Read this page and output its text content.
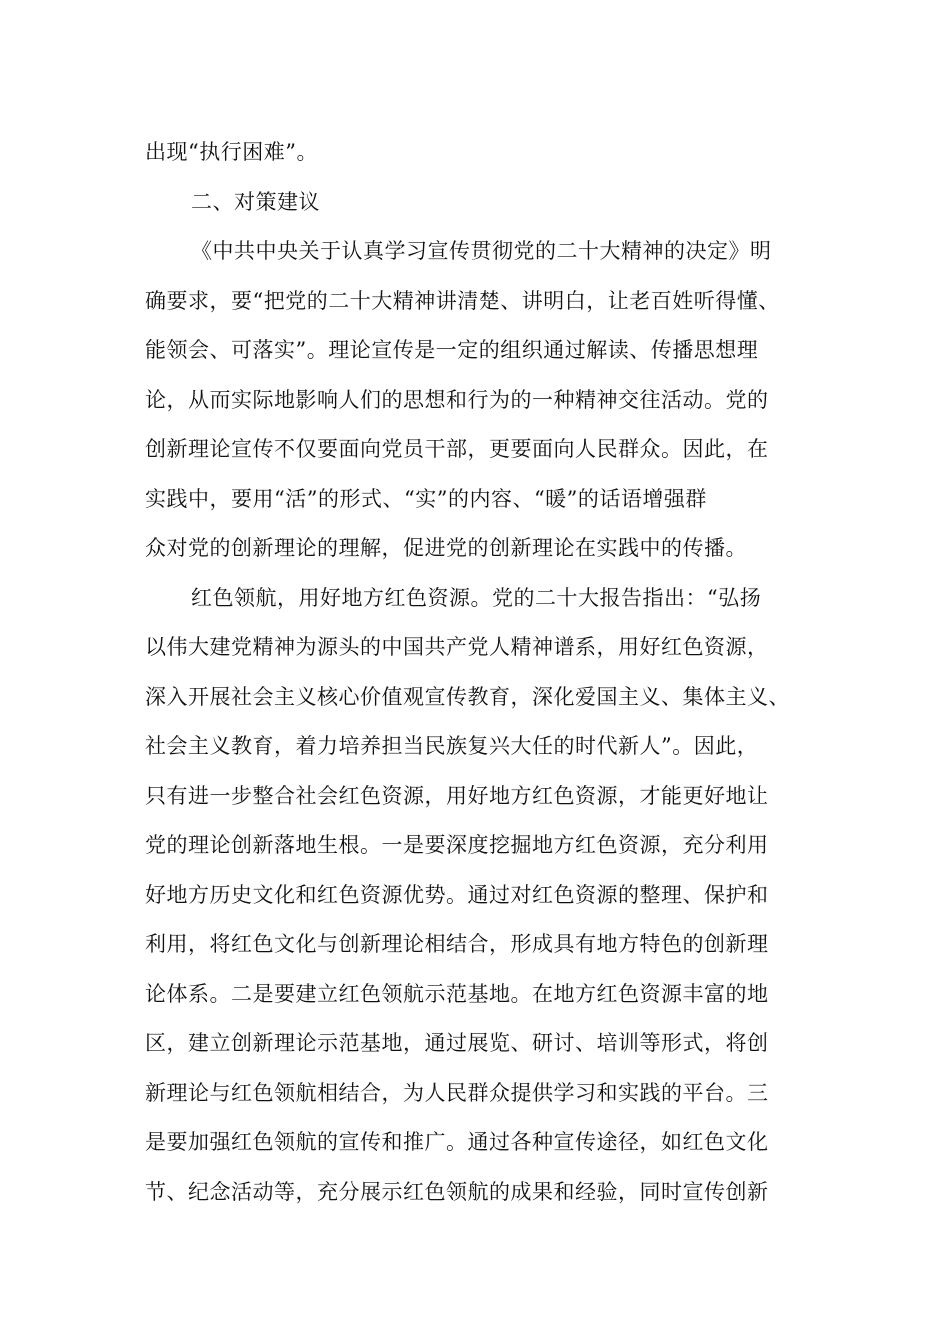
出现“执行困难”。
二、对策建议
《中共中央关于认真学习宣传贯彻党的二十大精神的决定》明
确要求，要“把党的二十大精神讲清楚、讲明白，让老百姓听得懂、
能领会、可落实”。理论宣传是一定的组织通过解读、传播思想理
论，从而实际地影响人们的思想和行为的一种精神交往活动。党的
创新理论宣传不仅要面向党员干部，更要面向人民群众。因此，在
实践中，要用“活”的形式、“实”的内容、“暖”的话语增强群
众对党的创新理论的理解，促进党的创新理论在实践中的传播。
红色领航，用好地方红色资源。党的二十大报告指出：“弘扬
以伟大建党精神为源头的中国共产党人精神谱系，用好红色资源，
深入开展社会主义核心价值观宣传教育，深化爱国主义、集体主义、
社会主义教育，着力培养担当民族复兴大任的时代新人”。因此，
只有进一步整合社会红色资源，用好地方红色资源，才能更好地让
党的理论创新落地生根。一是要深度挖掘地方红色资源，充分利用
好地方历史文化和红色资源优势。通过对红色资源的整理、保护和
利用，将红色文化与创新理论相结合，形成具有地方特色的创新理
论体系。二是要建立红色领航示范基地。在地方红色资源丰富的地
区，建立创新理论示范基地，通过展览、研讨、培训等形式，将创
新理论与红色领航相结合，为人民群众提供学习和实践的平台。三
是要加强红色领航的宣传和推广。通过各种宣传途径，如红色文化
节、纪念活动等，充分展示红色领航的成果和经验，同时宣传创新
